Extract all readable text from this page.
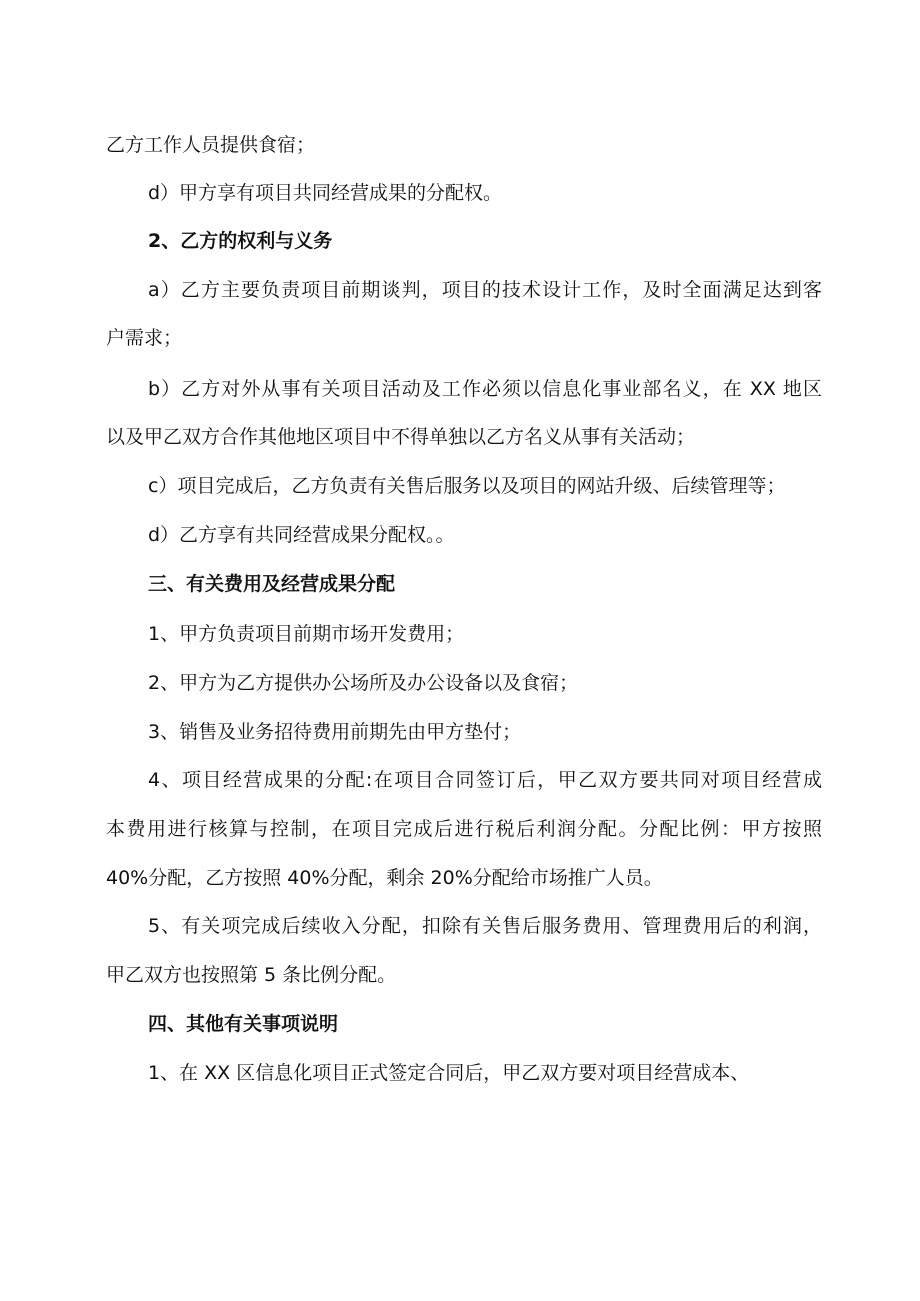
乙方工作人员提供食宿；
d）甲方享有项目共同经营成果的分配权。
2、乙方的权利与义务
a）乙方主要负责项目前期谈判，项目的技术设计工作，及时全面满足达到客
户需求；
b）乙方对外从事有关项目活动及工作必须以信息化事业部名义，在 XX 地区
以及甲乙双方合作其他地区项目中不得单独以乙方名义从事有关活动；
c）项目完成后，乙方负责有关售后服务以及项目的网站升级、后续管理等；
d）乙方享有共同经营成果分配权。。
三、有关费用及经营成果分配
1、甲方负责项目前期市场开发费用；
2、甲方为乙方提供办公场所及办公设备以及食宿；
3、销售及业务招待费用前期先由甲方垫付；
4、项目经营成果的分配:在项目合同签订后，甲乙双方要共同对项目经营成
本费用进行核算与控制，在项目完成后进行税后利润分配。分配比例：甲方按照
40%分配，乙方按照 40%分配，剩余 20%分配给市场推广人员。
5、有关项完成后续收入分配，扣除有关售后服务费用、管理费用后的利润，
甲乙双方也按照第 5 条比例分配。
四、其他有关事项说明
1、在 XX 区信息化项目正式签定合同后，甲乙双方要对项目经营成本、
